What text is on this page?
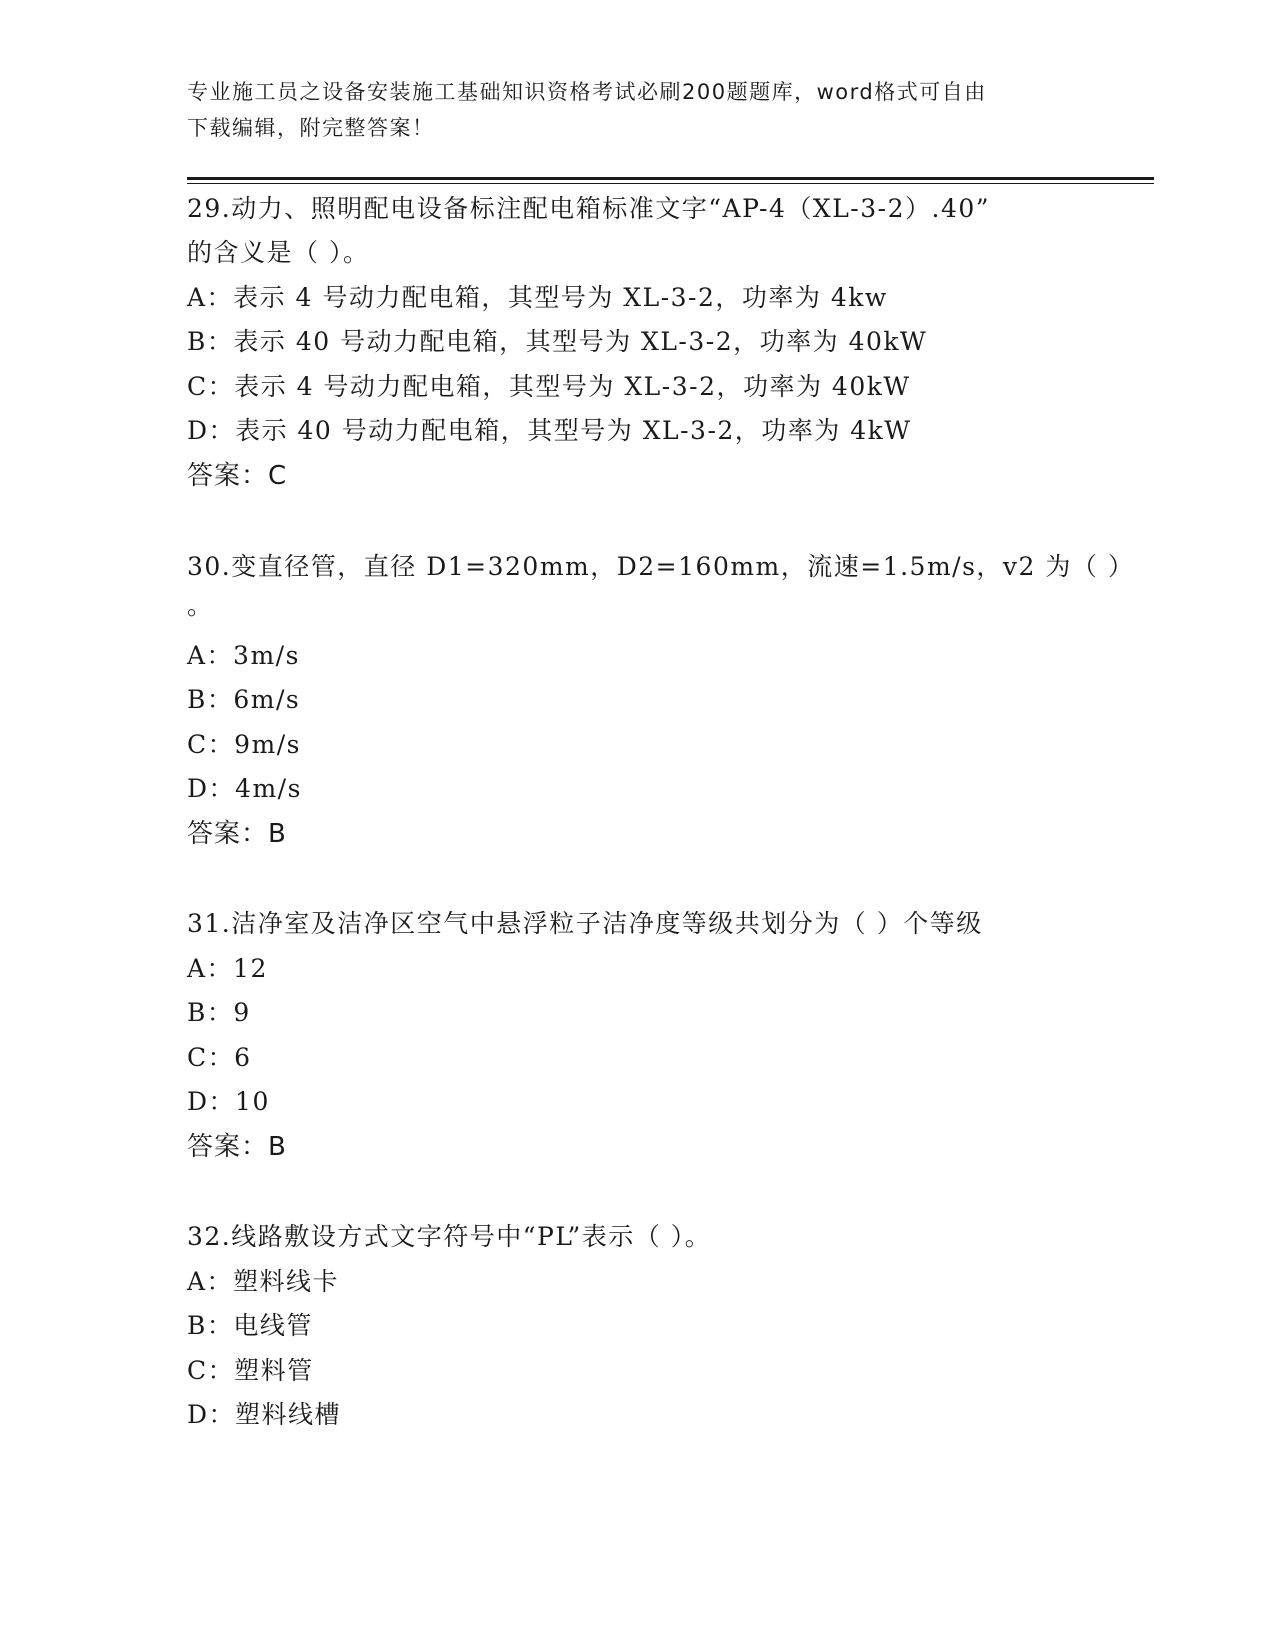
专业施工员之设备安装施工基础知识资格考试必刷200题题库，word格式可自由
下载编辑，附完整答案！
29.动力、照明配电设备标注配电箱标准文字“AP-4（XL-3-2）.40”
的含义是（ ）。
A：表示 4 号动力配电箱，其型号为 XL-3-2，功率为 4kw
B：表示 40 号动力配电箱，其型号为 XL-3-2，功率为 40kW
C：表示 4 号动力配电箱，其型号为 XL-3-2，功率为 40kW
D：表示 40 号动力配电箱，其型号为 XL-3-2，功率为 4kW
答案：C
30.变直径管，直径 D1=320mm，D2=160mm，流速=1.5m/s，v2 为（ ）
。
A：3m/s
B：6m/s
C：9m/s
D：4m/s
答案：B
31.洁净室及洁净区空气中悬浮粒子洁净度等级共划分为（ ）个等级
A：12
B：9
C：6
D：10
答案：B
32.线路敷设方式文字符号中“PL”表示（ ）。
A：塑料线卡
B：电线管
C：塑料管
D：塑料线槽
